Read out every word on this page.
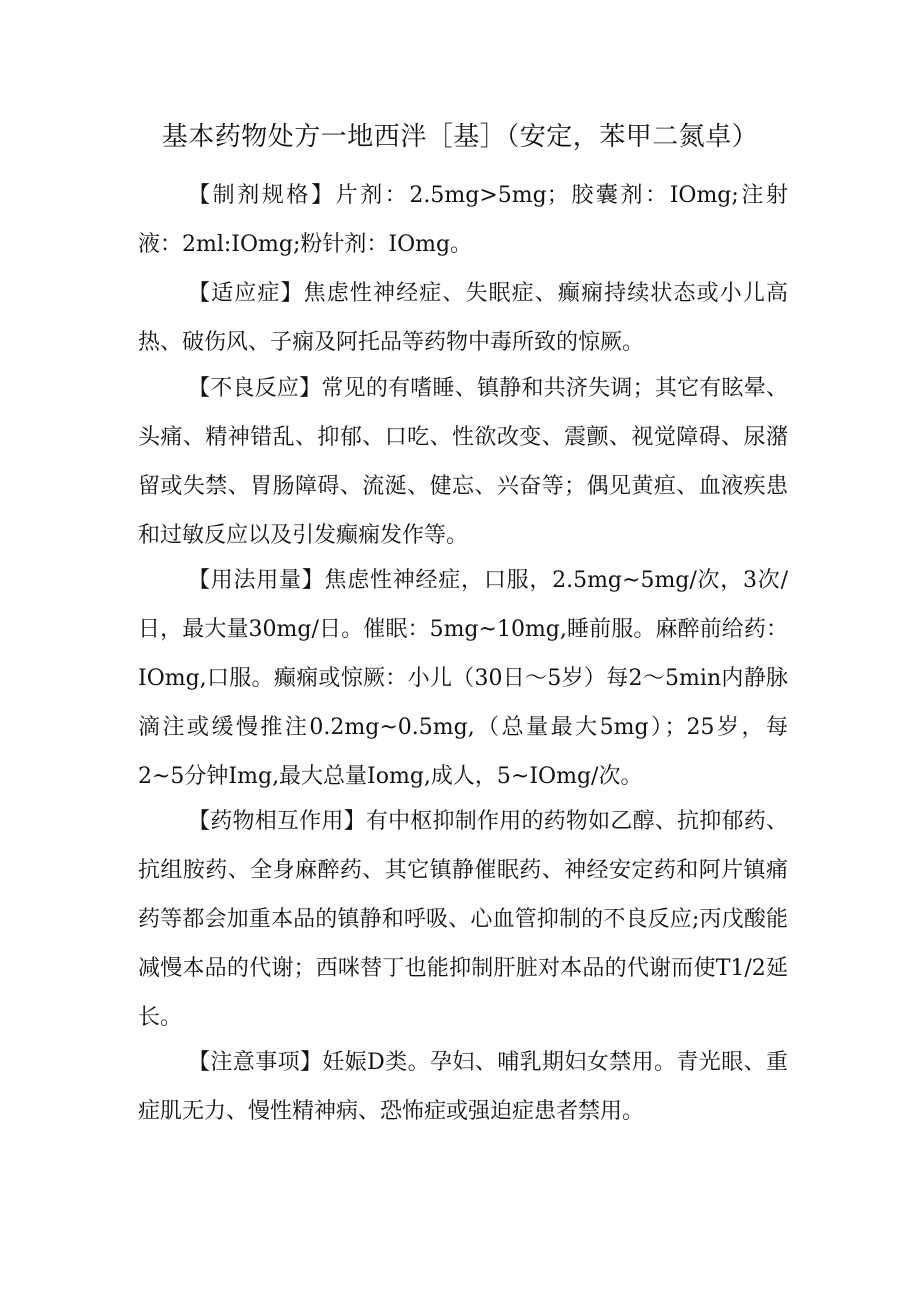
基本药物处方一地西泮［基］（安定，苯甲二氮卓）

【制剂规格】片剂：2.5mg>5mg；胶囊剂：IOmg;注射液：2ml:IOmg;粉针剂：IOmg。

【适应症】焦虑性神经症、失眠症、癫痫持续状态或小儿高热、破伤风、子痫及阿托品等药物中毒所致的惊厥。

【不良反应】常见的有嗜睡、镇静和共济失调；其它有眩晕、头痛、精神错乱、抑郁、口吃、性欲改变、震颤、视觉障碍、尿潴留或失禁、胃肠障碍、流涎、健忘、兴奋等；偶见黄疸、血液疾患和过敏反应以及引发癫痫发作等。

【用法用量】焦虑性神经症，口服，2.5mg~5mg/次，3次/日，最大量30mg/日。催眠：5mg~10mg,睡前服。麻醉前给药：IOmg,口服。癫痫或惊厥：小儿（30日～5岁）每2～5min内静脉滴注或缓慢推注0.2mg~0.5mg,（总量最大5mg）；25岁，每2~5分钟Img,最大总量Iomg,成人，5~IOmg/次。

【药物相互作用】有中枢抑制作用的药物如乙醇、抗抑郁药、抗组胺药、全身麻醉药、其它镇静催眠药、神经安定药和阿片镇痛药等都会加重本品的镇静和呼吸、心血管抑制的不良反应;丙戊酸能减慢本品的代谢；西咪替丁也能抑制肝脏对本品的代谢而使T1/2延长。

【注意事项】妊娠D类。孕妇、哺乳期妇女禁用。青光眼、重症肌无力、慢性精神病、恐怖症或强迫症患者禁用。
